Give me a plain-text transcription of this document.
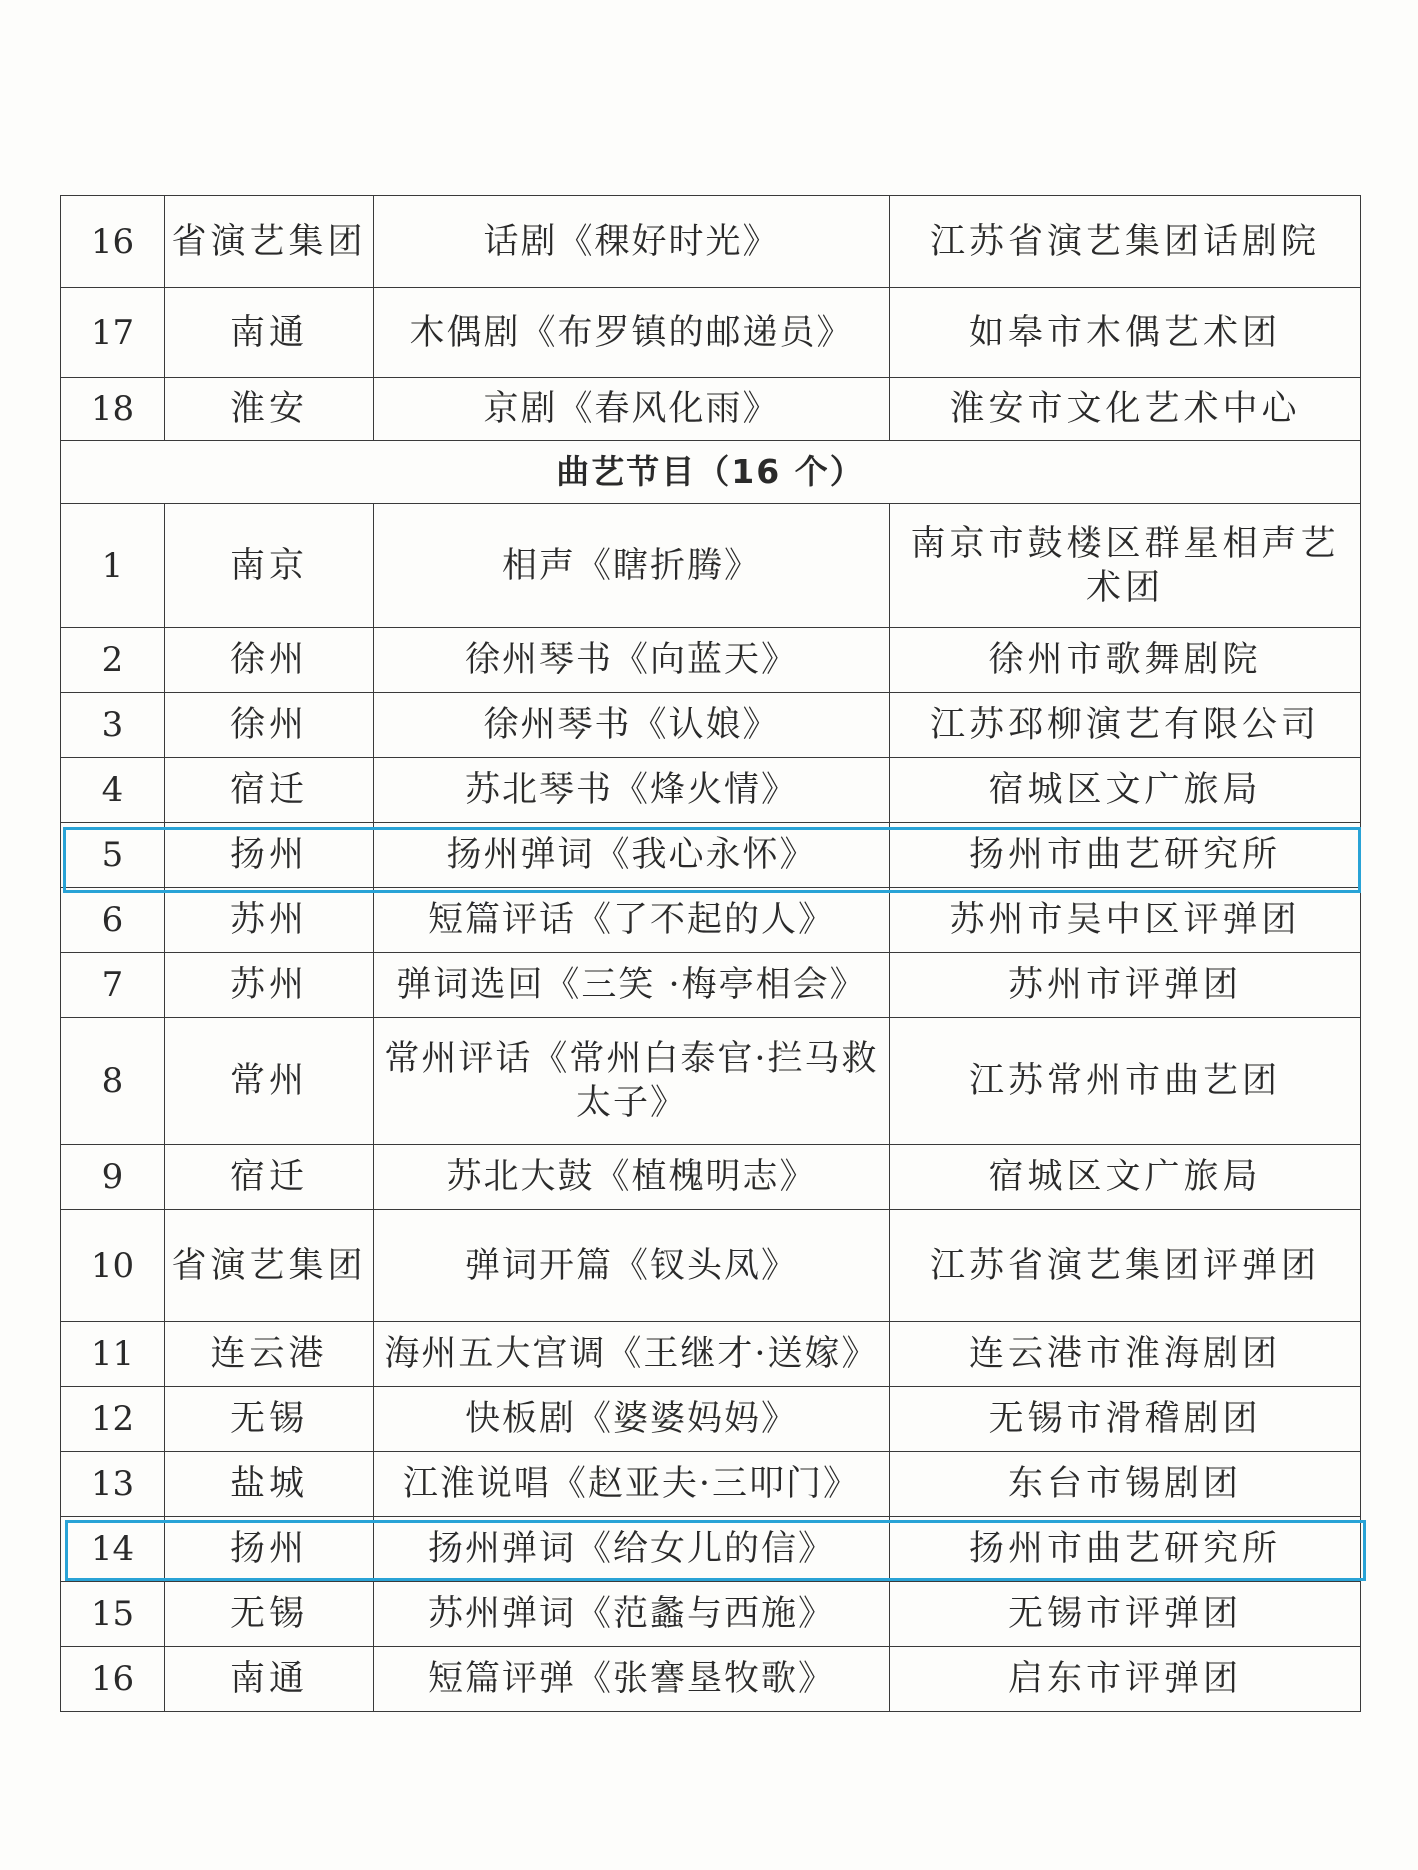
16	省演艺集团	话剧《稞好时光》	江苏省演艺集团话剧院
17	南通	木偶剧《布罗镇的邮递员》	如皋市木偶艺术团
18	淮安	京剧《春风化雨》	淮安市文化艺术中心
曲艺节目（16 个）			
1	南京	相声《瞎折腾》	南京市鼓楼区群星相声艺术团
2	徐州	徐州琴书《向蓝天》	徐州市歌舞剧院
3	徐州	徐州琴书《认娘》	江苏邳柳演艺有限公司
4	宿迁	苏北琴书《烽火情》	宿城区文广旅局
5	扬州	扬州弹词《我心永怀》	扬州市曲艺研究所
6	苏州	短篇评话《了不起的人》	苏州市吴中区评弹团
7	苏州	弹词选回《三笑 ·梅亭相会》	苏州市评弹团
8	常州	常州评话《常州白泰官·拦马救太子》	江苏常州市曲艺团
9	宿迁	苏北大鼓《植槐明志》	宿城区文广旅局
10	省演艺集团	弹词开篇《钗头凤》	江苏省演艺集团评弹团
11	连云港	海州五大宫调《王继才·送嫁》	连云港市淮海剧团
12	无锡	快板剧《婆婆妈妈》	无锡市滑稽剧团
13	盐城	江淮说唱《赵亚夫·三叩门》	东台市锡剧团
14	扬州	扬州弹词《给女儿的信》	扬州市曲艺研究所
15	无锡	苏州弹词《范蠡与西施》	无锡市评弹团
16	南通	短篇评弹《张謇垦牧歌》	启东市评弹团
